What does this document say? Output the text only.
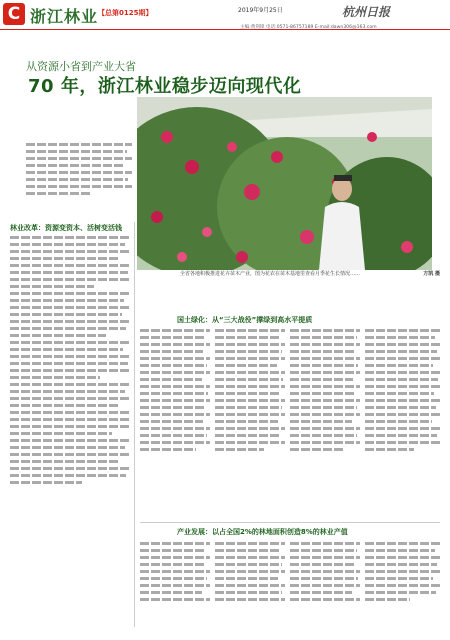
C 浙江林业 【总第0125期】	2019年9月25日	杭州日报
主编:黄剑锋 电话:0571-86757189 E-mail:dawn306@163.com
从资源小省到产业大省
70 年，浙江林业稳步迈向现代化
全省各地积极推进花卉苗木产业，图为花农在苗木基地里查看月季花生长情况……	方凯 摄
林业改革：资源变资本、活树变活钱
国土绿化：从“三大战役”撑绿到高水平提质
产业发展：以占全国2%的林地面积创造8%的林业产值
